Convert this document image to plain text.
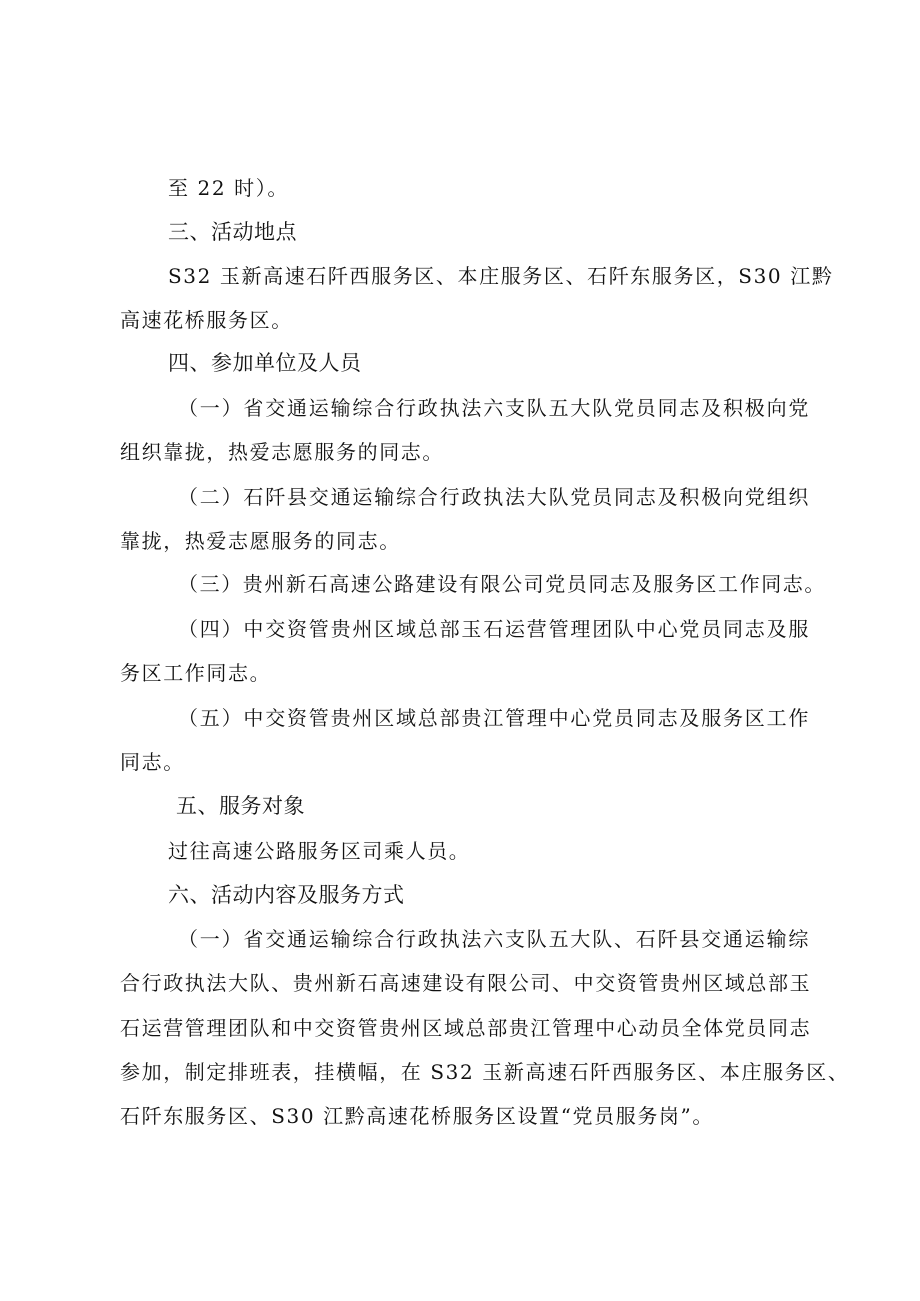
至 22 时）。
三、活动地点
S32 玉新高速石阡西服务区、本庄服务区、石阡东服务区，S30 江黔
高速花桥服务区。
四、参加单位及人员
（一）省交通运输综合行政执法六支队五大队党员同志及积极向党
组织靠拢，热爱志愿服务的同志。
（二）石阡县交通运输综合行政执法大队党员同志及积极向党组织
靠拢，热爱志愿服务的同志。
（三）贵州新石高速公路建设有限公司党员同志及服务区工作同志。
（四）中交资管贵州区域总部玉石运营管理团队中心党员同志及服
务区工作同志。
（五）中交资管贵州区域总部贵江管理中心党员同志及服务区工作
同志。
五、服务对象
过往高速公路服务区司乘人员。
六、活动内容及服务方式
（一）省交通运输综合行政执法六支队五大队、石阡县交通运输综
合行政执法大队、贵州新石高速建设有限公司、中交资管贵州区域总部玉
石运营管理团队和中交资管贵州区域总部贵江管理中心动员全体党员同志
参加，制定排班表，挂横幅，在 S32 玉新高速石阡西服务区、本庄服务区、
石阡东服务区、S30 江黔高速花桥服务区设置“党员服务岗”。
